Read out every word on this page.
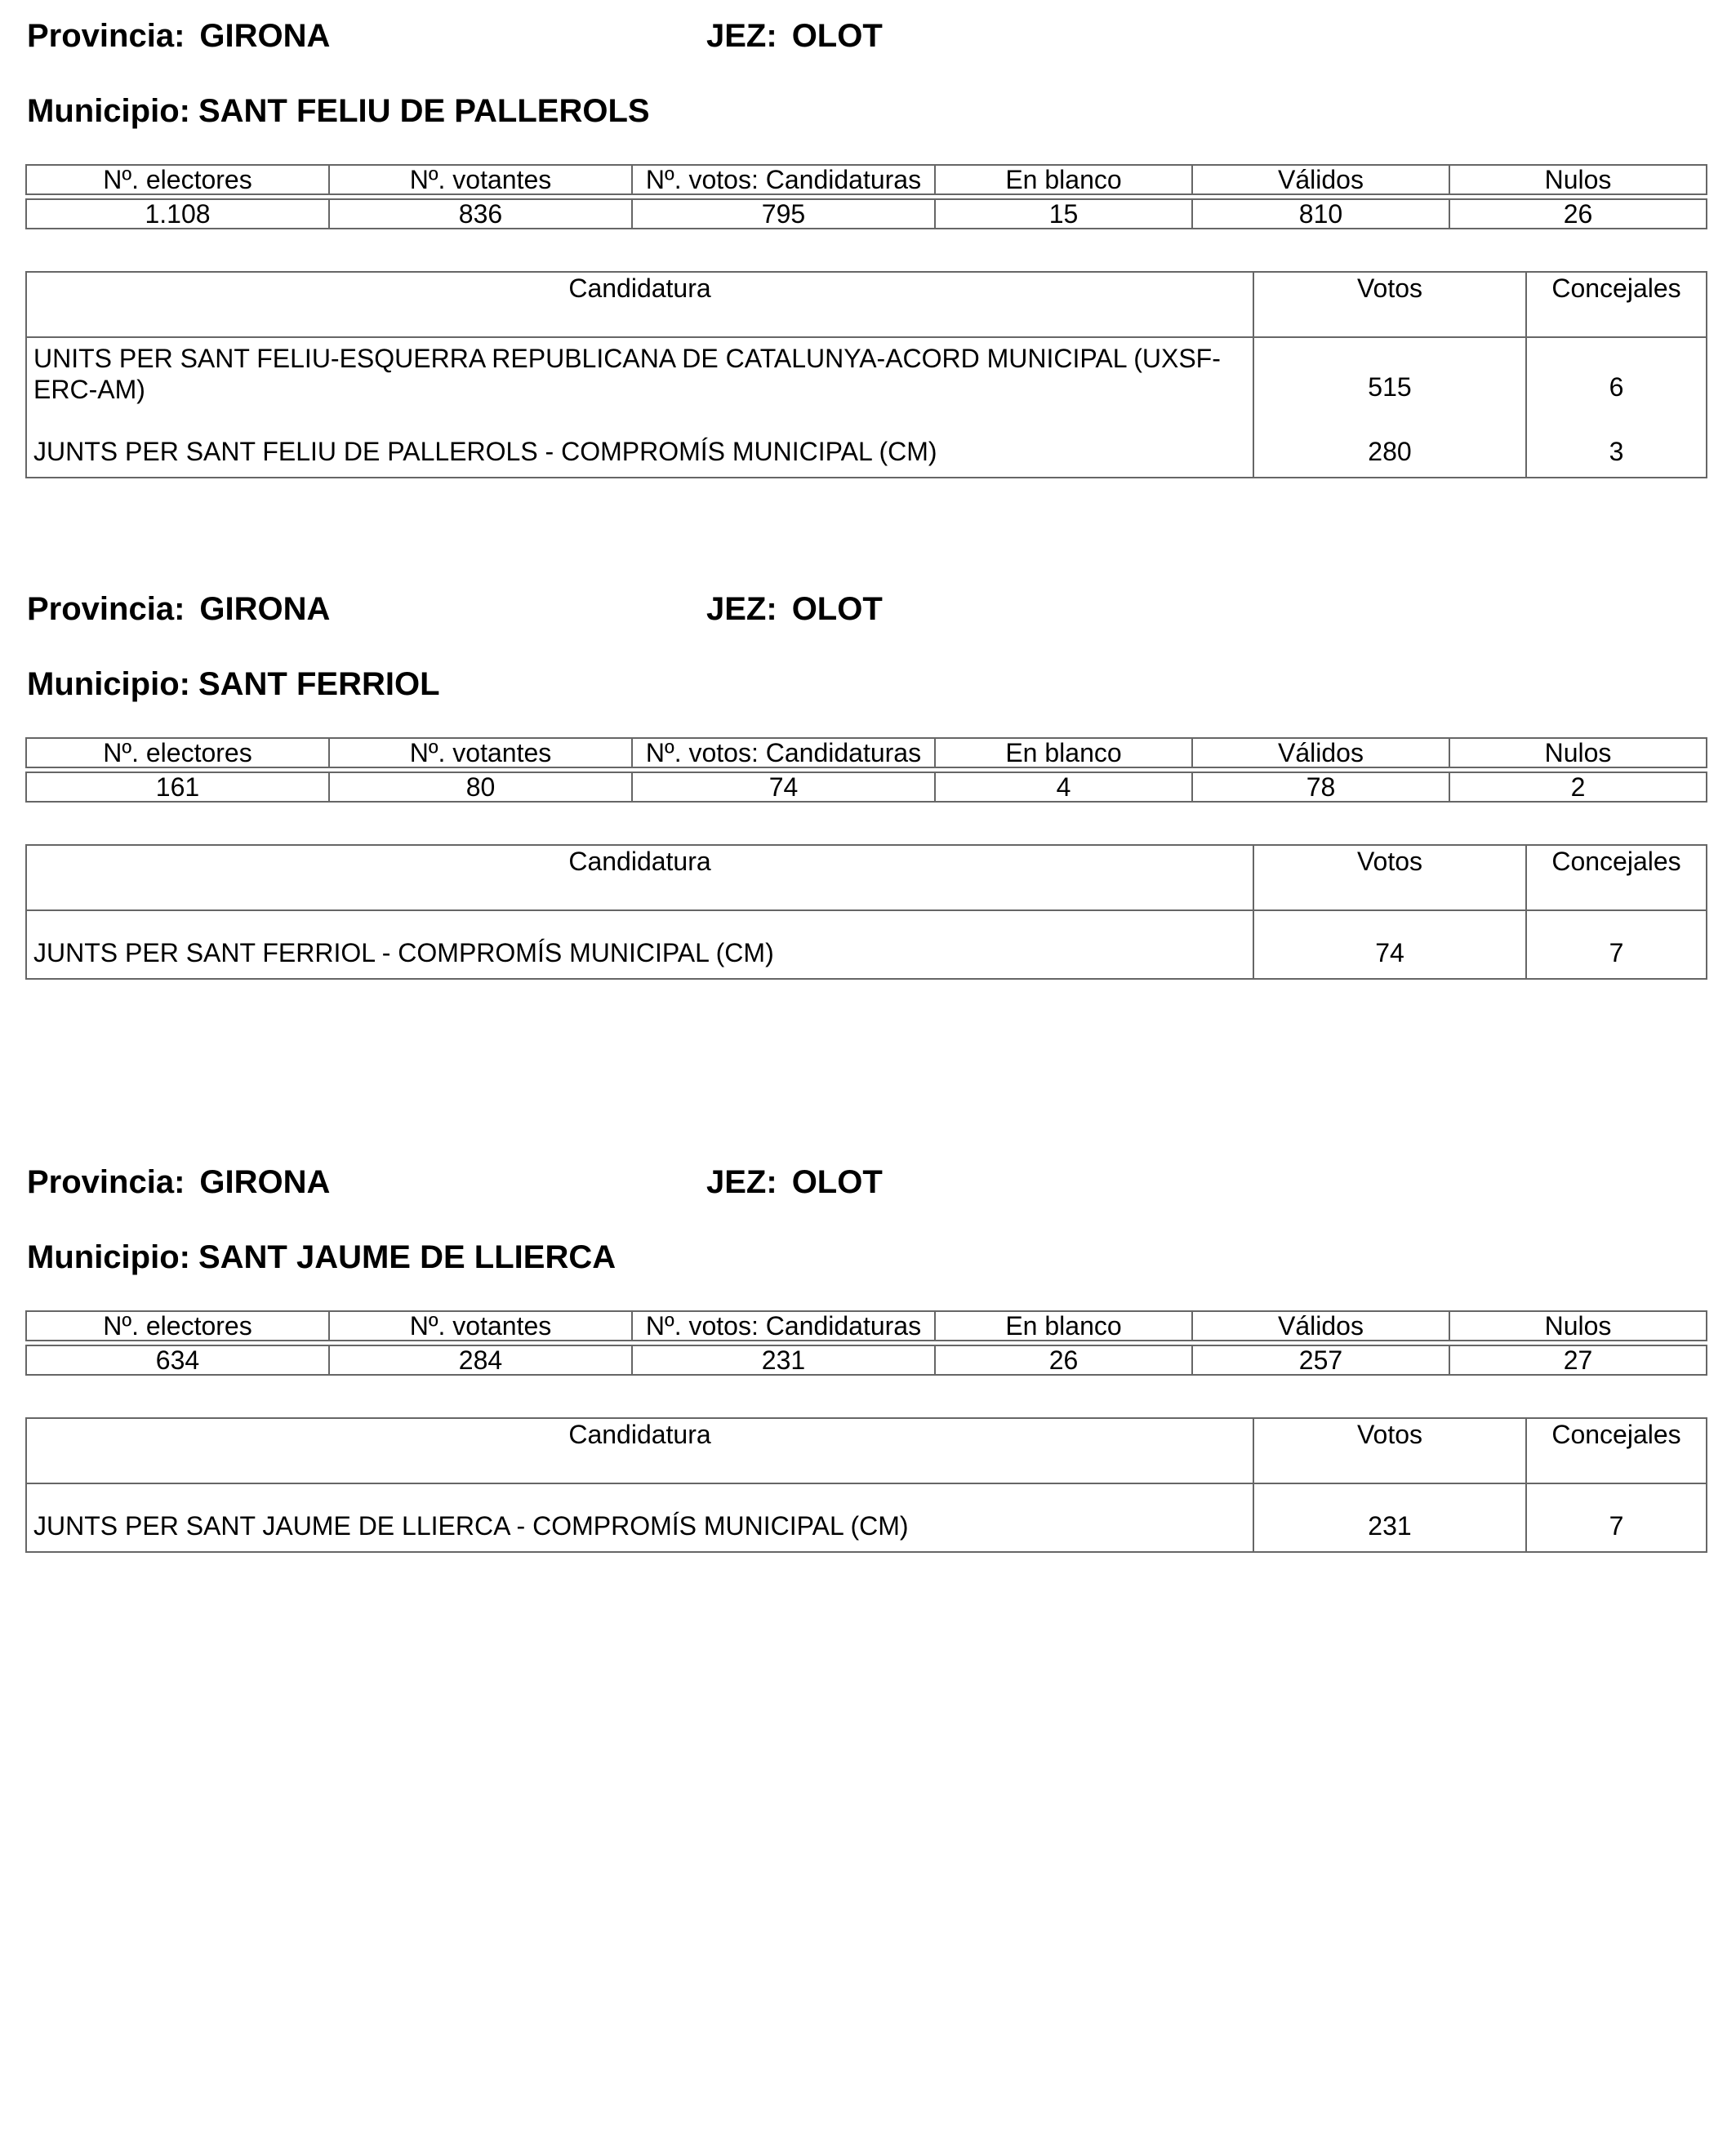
Provincia: GIRONA	JEZ: OLOT
Municipio: SANT FELIU DE PALLEROLS
Nº. electores	Nº. votantes	Nº. votos: Candidaturas	En blanco	Válidos	Nulos

1.108	836	795	15	810	26
Candidatura	Votos	Concejales
UNITS PER SANT FELIU-ESQUERRA REPUBLICANA DE CATALUNYA-ACORD MUNICIPAL (UXSF-ERC-AM)	515	6
JUNTS PER SANT FELIU DE PALLEROLS - COMPROMÍS MUNICIPAL (CM)	280	3
Provincia: GIRONA	JEZ: OLOT
Municipio: SANT FERRIOL
Nº. electores	Nº. votantes	Nº. votos: Candidaturas	En blanco	Válidos	Nulos

161	80	74	4	78	2
Candidatura	Votos	Concejales
JUNTS PER SANT FERRIOL - COMPROMÍS MUNICIPAL (CM)	74	7
Provincia: GIRONA	JEZ: OLOT
Municipio: SANT JAUME DE LLIERCA
Nº. electores	Nº. votantes	Nº. votos: Candidaturas	En blanco	Válidos	Nulos

634	284	231	26	257	27
Candidatura	Votos	Concejales
JUNTS PER SANT JAUME DE LLIERCA - COMPROMÍS MUNICIPAL (CM)	231	7
